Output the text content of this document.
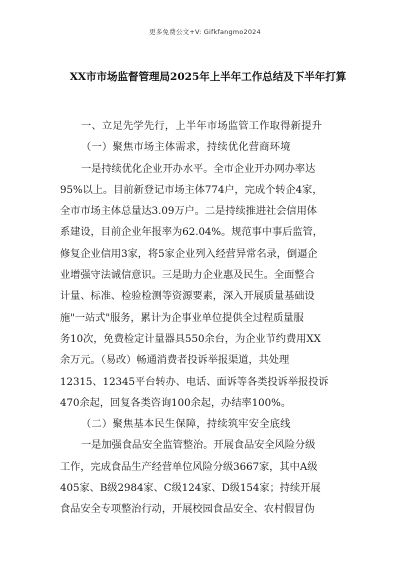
更多免费公文+V: Gifkfangmo2024
XX市市场监督管理局2025年上半年工作总结及下半年打算
一、立足先学先行，上半年市场监管工作取得新提升
（一）聚焦市场主体需求，持续优化营商环境
一是持续优化企业开办水平。全市企业开办网办率达
95%以上。目前新登记市场主体774户，完成个转企4家，
全市市场主体总量达3.09万户。二是持续推进社会信用体
系建设，目前企业年报率为62.04%。规范事中事后监管，
修复企业信用3家，将5家企业列入经营异常名录，倒逼企
业增强守法诚信意识。三是助力企业惠及民生。全面整合
计量、标准、检验检测等资源要素，深入开展质量基础设
施"一站式"服务，累计为企事业单位提供全过程质量服
务10次，免费检定计量器具550余台，为企业节约费用XX
余万元。（易改）畅通消费者投诉举报渠道，共处理
12315、12345平台转办、电话、面诉等各类投诉举报投诉
470余起，回复各类咨询100余起，办结率100%。
（二）聚焦基本民生保障，持续筑牢安全底线
一是加强食品安全监管整治。开展食品安全风险分级
工作，完成食品生产经营单位风险分级3667家，其中A级
405家、B级2984家、C级124家、D级154家；持续开展
食品安全专项整治行动，开展校园食品安全、农村假冒伪
